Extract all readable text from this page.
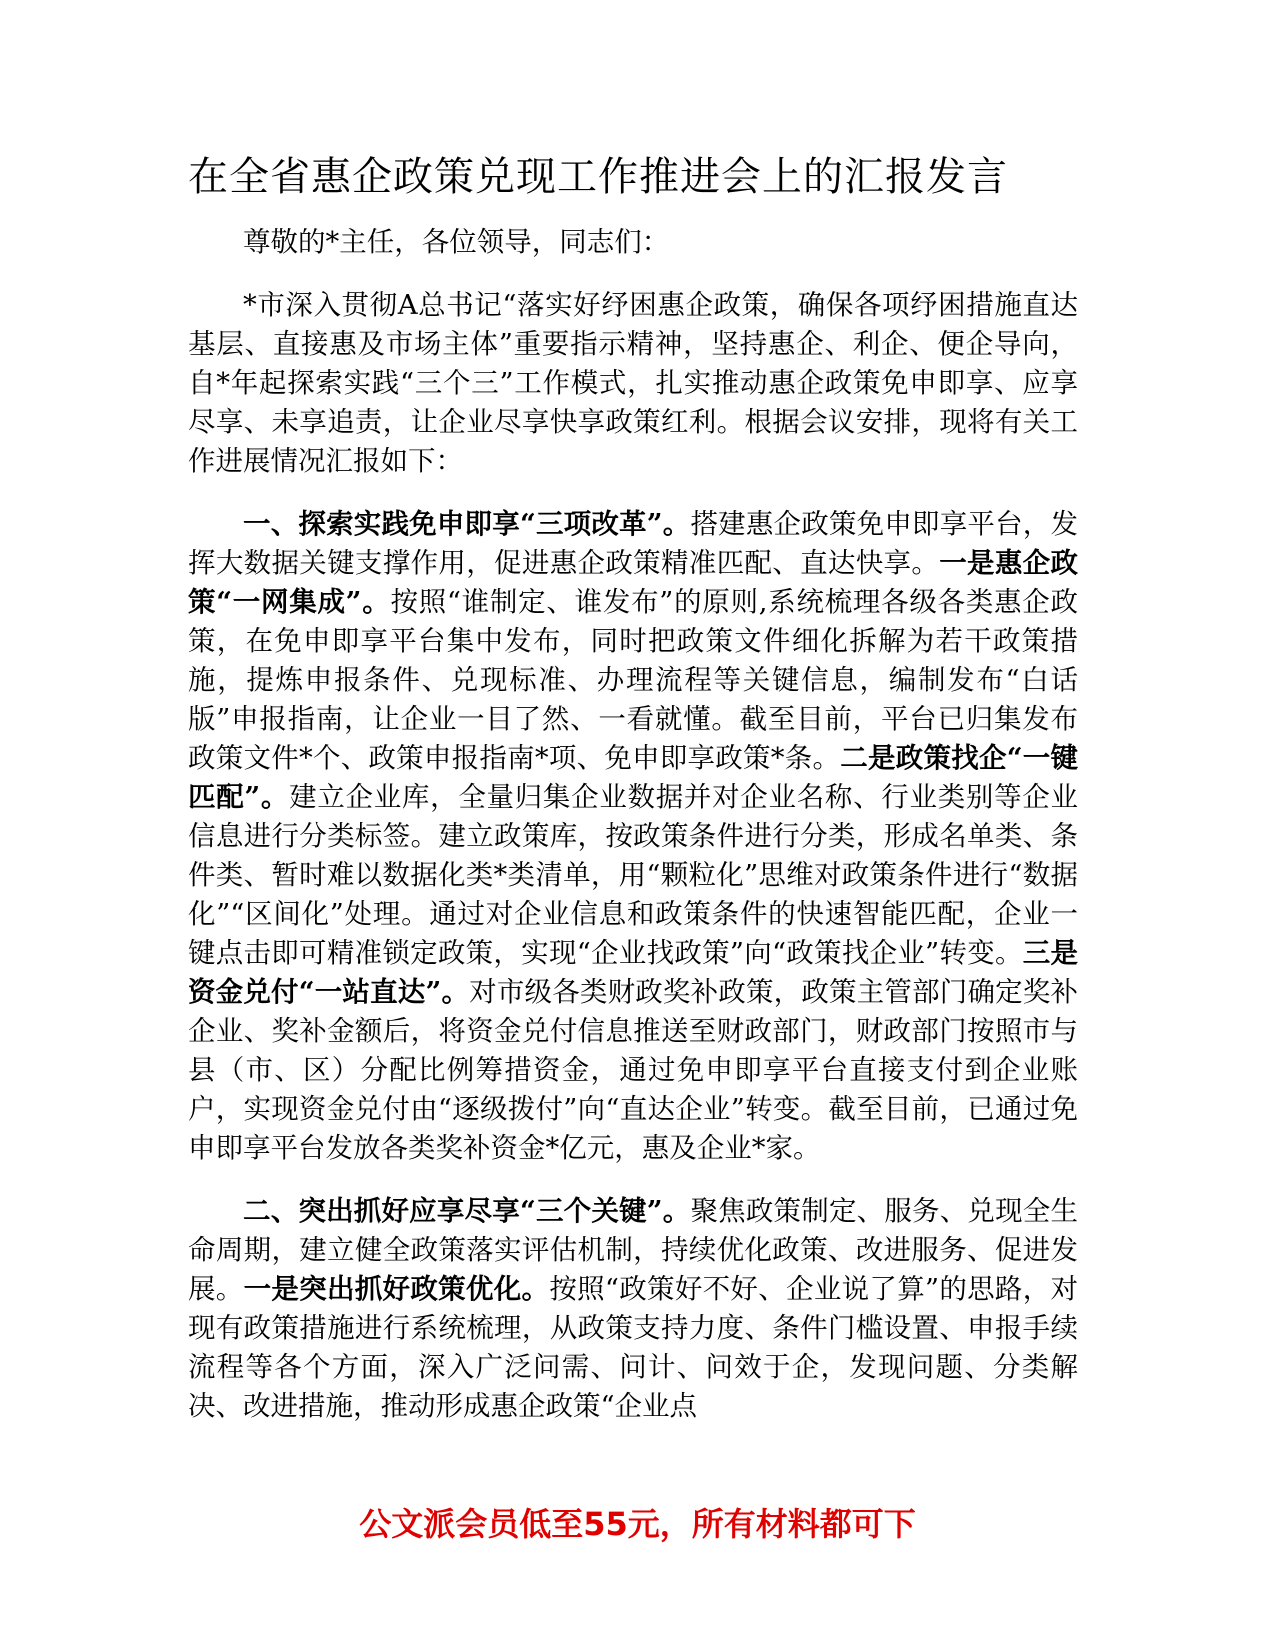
在全省惠企政策兑现工作推进会上的汇报发言

尊敬的*主任，各位领导，同志们：

*市深入贯彻A总书记“落实好纾困惠企政策，确保各项纾困措施直达基层、直接惠及市场主体”重要指示精神，坚持惠企、利企、便企导向，自*年起探索实践“三个三”工作模式，扎实推动惠企政策免申即享、应享尽享、未享追责，让企业尽享快享政策红利。根据会议安排，现将有关工作进展情况汇报如下：

一、探索实践免申即享“三项改革”。搭建惠企政策免申即享平台，发挥大数据关键支撑作用，促进惠企政策精准匹配、直达快享。一是惠企政策“一网集成”。按照“谁制定、谁发布”的原则,系统梳理各级各类惠企政策，在免申即享平台集中发布，同时把政策文件细化拆解为若干政策措施，提炼申报条件、兑现标准、办理流程等关键信息，编制发布“白话版”申报指南，让企业一目了然、一看就懂。截至目前，平台已归集发布政策文件*个、政策申报指南*项、免申即享政策*条。二是政策找企“一键匹配”。建立企业库，全量归集企业数据并对企业名称、行业类别等企业信息进行分类标签。建立政策库，按政策条件进行分类，形成名单类、条件类、暂时难以数据化类*类清单，用“颗粒化”思维对政策条件进行“数据化”“区间化”处理。通过对企业信息和政策条件的快速智能匹配，企业一键点击即可精准锁定政策，实现“企业找政策”向“政策找企业”转变。三是资金兑付“一站直达”。对市级各类财政奖补政策，政策主管部门确定奖补企业、奖补金额后，将资金兑付信息推送至财政部门，财政部门按照市与县（市、区）分配比例筹措资金，通过免申即享平台直接支付到企业账户，实现资金兑付由“逐级拨付”向“直达企业”转变。截至目前，已通过免申即享平台发放各类奖补资金*亿元，惠及企业*家。

二、突出抓好应享尽享“三个关键”。聚焦政策制定、服务、兑现全生命周期，建立健全政策落实评估机制，持续优化政策、改进服务、促进发展。一是突出抓好政策优化。按照“政策好不好、企业说了算”的思路，对现有政策措施进行系统梳理，从政策支持力度、条件门槛设置、申报手续流程等各个方面，深入广泛问需、问计、问效于企，发现问题、分类解决、改进措施，推动形成惠企政策“企业点

公文派会员低至55元，所有材料都可下
